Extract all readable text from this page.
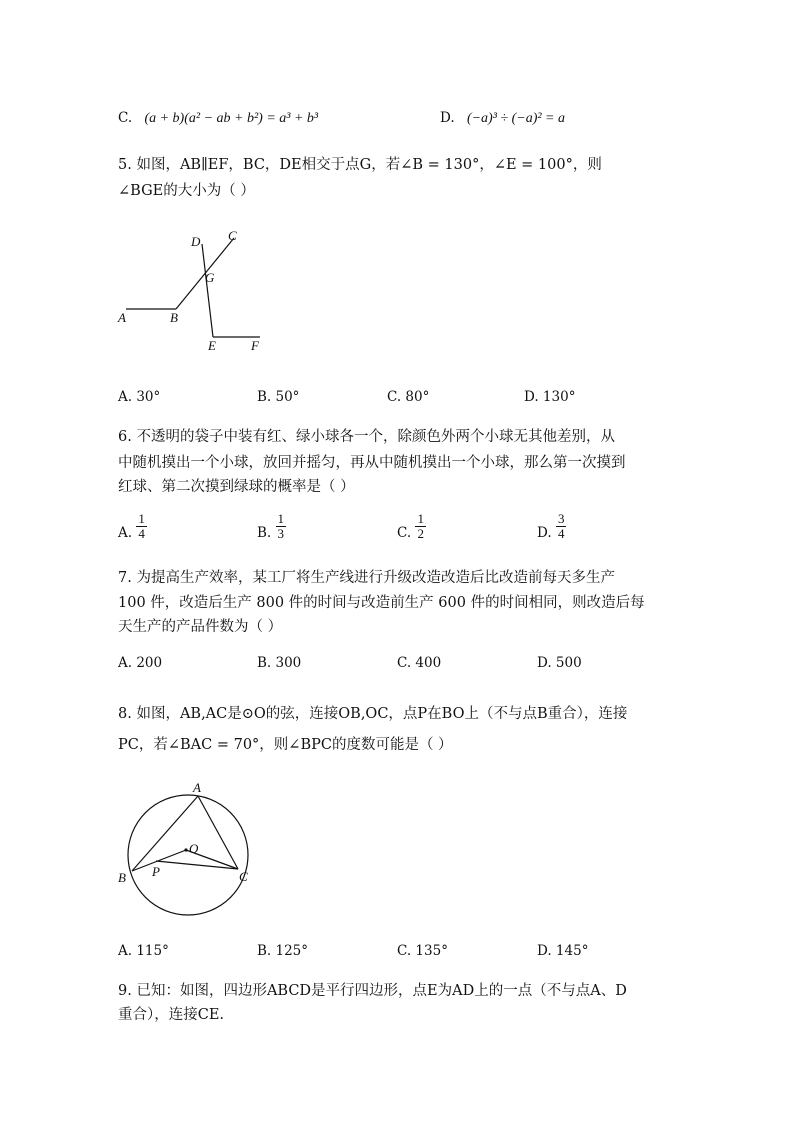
C. (a + b)(a² − ab + b²) = a³ + b³	D. (−a)³ ÷ (−a)² = a
5. 如图，AB∥EF，BC，DE相交于点G，若∠B = 130°，∠E = 100°，则
∠BGE的大小为（ ）
A	B
C
D
G
E	F
A. 30°	B. 50°	C. 80°	D. 130°
6. 不透明的袋子中装有红、绿小球各一个，除颜色外两个小球无其他差别，从
中随机摸出一个小球，放回并摇匀，再从中随机摸出一个小球，那么第一次摸到
红球、第二次摸到绿球的概率是（ ）
A. $\frac{1}{4}$	B. $\frac{1}{3}$	C. $\frac{1}{2}$	D. $\frac{3}{4}$
7. 为提高生产效率，某工厂将生产线进行升级改造改造后比改造前每天多生产
100 件，改造后生产 800 件的时间与改造前生产 600 件的时间相同，则改造后每
天生产的产品件数为（ ）
A. 200	B. 300	C. 400	D. 500
8. 如图，AB,AC是⊙O的弦，连接OB,OC，点P在BO上（不与点B重合），连接
PC，若∠BAC = 70°，则∠BPC的度数可能是（ ）
A
B	C
O
P
A. 115°	B. 125°	C. 135°	D. 145°
9. 已知：如图，四边形ABCD是平行四边形，点E为AD上的一点（不与点A、D
重合），连接CE.
